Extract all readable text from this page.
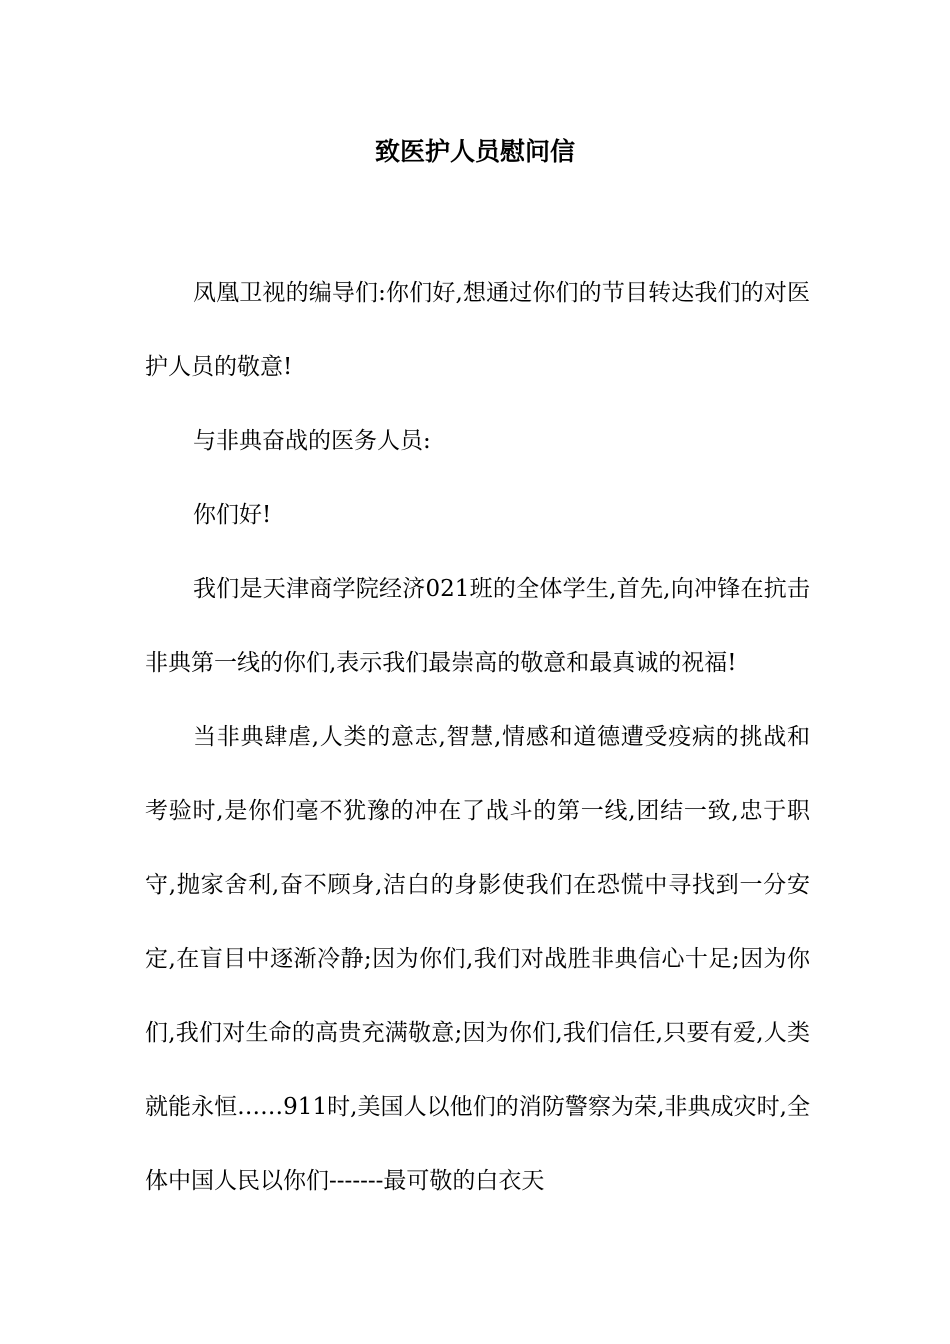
致医护人员慰问信

凤凰卫视的编导们:你们好,想通过你们的节目转达我们的对医护人员的敬意!

与非典奋战的医务人员:

你们好!

我们是天津商学院经济021班的全体学生,首先,向冲锋在抗击非典第一线的你们,表示我们最崇高的敬意和最真诚的祝福!

当非典肆虐,人类的意志,智慧,情感和道德遭受疫病的挑战和考验时,是你们毫不犹豫的冲在了战斗的第一线,团结一致,忠于职守,抛家舍利,奋不顾身,洁白的身影使我们在恐慌中寻找到一分安定,在盲目中逐渐冷静;因为你们,我们对战胜非典信心十足;因为你们,我们对生命的高贵充满敬意;因为你们,我们信任,只要有爱,人类就能永恒……911时,美国人以他们的消防警察为荣,非典成灾时,全体中国人民以你们-------最可敬的白衣天
